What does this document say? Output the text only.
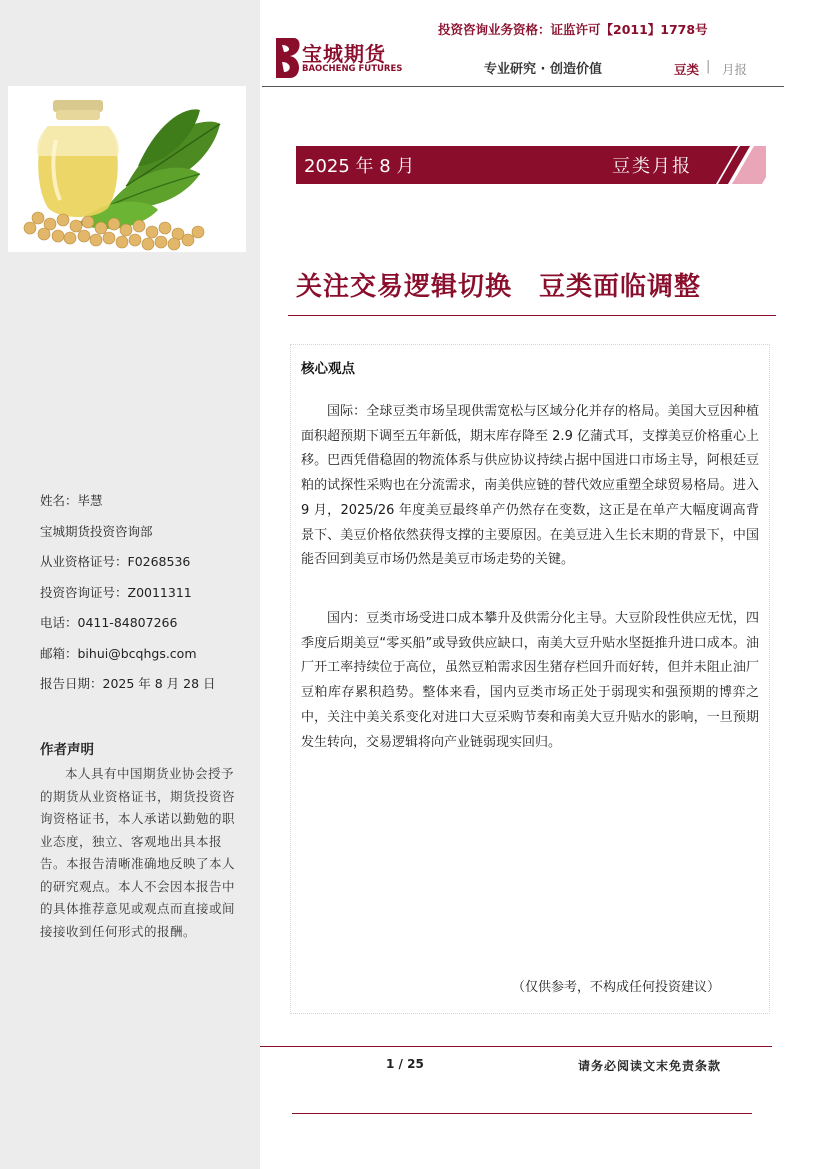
姓名：毕慧
宝城期货投资咨询部
从业资格证号：F0268536
投资咨询证号：Z0011311
电话：0411-84807266
邮箱：bihui@bcqhgs.com
报告日期：2025 年 8 月 28 日
作者声明
本人具有中国期货业协会授予的期货从业资格证书，期货投资咨询资格证书，本人承诺以勤勉的职业态度，独立、客观地出具本报告。本报告清晰准确地反映了本人的研究观点。本人不会因本报告中的具体推荐意见或观点而直接或间接接收到任何形式的报酬。
投资咨询业务资格：证监许可【2011】1778号
宝城期货
BAOCHENG FUTURES	专业研究 · 创造价值	豆类 | 月报
2025 年 8 月	豆类月报
关注交易逻辑切换　豆类面临调整
核心观点
国际：全球豆类市场呈现供需宽松与区域分化并存的格局。美国大豆因种植面积超预期下调至五年新低，期末库存降至 2.9 亿蒲式耳，支撑美豆价格重心上移。巴西凭借稳固的物流体系与供应协议持续占据中国进口市场主导，阿根廷豆粕的试探性采购也在分流需求，南美供应链的替代效应重塑全球贸易格局。进入 9 月，2025/26 年度美豆最终单产仍然存在变数，这正是在单产大幅度调高背景下、美豆价格依然获得支撑的主要原因。在美豆进入生长末期的背景下，中国能否回到美豆市场仍然是美豆市场走势的关键。
国内：豆类市场受进口成本攀升及供需分化主导。大豆阶段性供应无忧，四季度后期美豆“零买船”或导致供应缺口，南美大豆升贴水坚挺推升进口成本。油厂开工率持续位于高位，虽然豆粕需求因生猪存栏回升而好转，但并未阻止油厂豆粕库存累积趋势。整体来看，国内豆类市场正处于弱现实和强预期的博弈之中，关注中美关系变化对进口大豆采购节奏和南美大豆升贴水的影响，一旦预期发生转向，交易逻辑将向产业链弱现实回归。
（仅供参考，不构成任何投资建议）
1 / 25	请务必阅读文末免责条款
